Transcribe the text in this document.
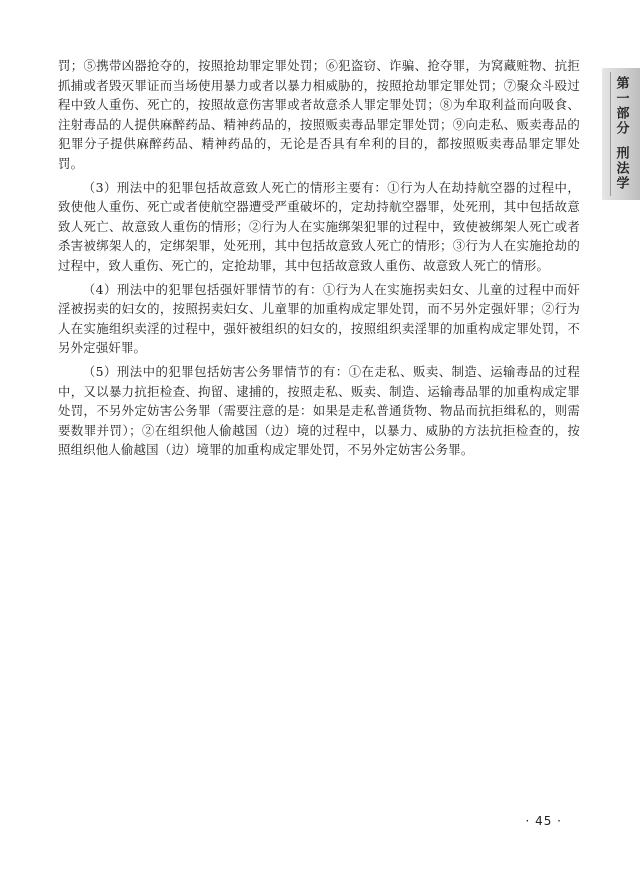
罚；⑤携带凶器抢夺的，按照抢劫罪定罪处罚；⑥犯盗窃、诈骗、抢夺罪，为窝藏赃物、抗拒抓捕或者毁灭罪证而当场使用暴力或者以暴力相威胁的，按照抢劫罪定罪处罚；⑦聚众斗殴过程中致人重伤、死亡的，按照故意伤害罪或者故意杀人罪定罪处罚；⑧为牟取利益而向吸食、注射毒品的人提供麻醉药品、精神药品的，按照贩卖毒品罪定罪处罚；⑨向走私、贩卖毒品的犯罪分子提供麻醉药品、精神药品的，无论是否具有牟利的目的，都按照贩卖毒品罪定罪处罚。

（3）刑法中的犯罪包括故意致人死亡的情形主要有：①行为人在劫持航空器的过程中，致使他人重伤、死亡或者使航空器遭受严重破坏的，定劫持航空器罪，处死刑，其中包括故意致人死亡、故意致人重伤的情形；②行为人在实施绑架犯罪的过程中，致使被绑架人死亡或者杀害被绑架人的，定绑架罪，处死刑，其中包括故意致人死亡的情形；③行为人在实施抢劫的过程中，致人重伤、死亡的，定抢劫罪，其中包括故意致人重伤、故意致人死亡的情形。

（4）刑法中的犯罪包括强奸罪情节的有：①行为人在实施拐卖妇女、儿童的过程中而奸淫被拐卖的妇女的，按照拐卖妇女、儿童罪的加重构成定罪处罚，而不另外定强奸罪；②行为人在实施组织卖淫的过程中，强奸被组织的妇女的，按照组织卖淫罪的加重构成定罪处罚，不另外定强奸罪。

（5）刑法中的犯罪包括妨害公务罪情节的有：①在走私、贩卖、制造、运输毒品的过程中，又以暴力抗拒检查、拘留、逮捕的，按照走私、贩卖、制造、运输毒品罪的加重构成定罪处罚，不另外定妨害公务罪（需要注意的是：如果是走私普通货物、物品而抗拒缉私的，则需要数罪并罚）；②在组织他人偷越国（边）境的过程中，以暴力、威胁的方法抗拒检查的，按照组织他人偷越国（边）境罪的加重构成定罪处罚，不另外定妨害公务罪。

第一部分刑法学
· 45 ·
